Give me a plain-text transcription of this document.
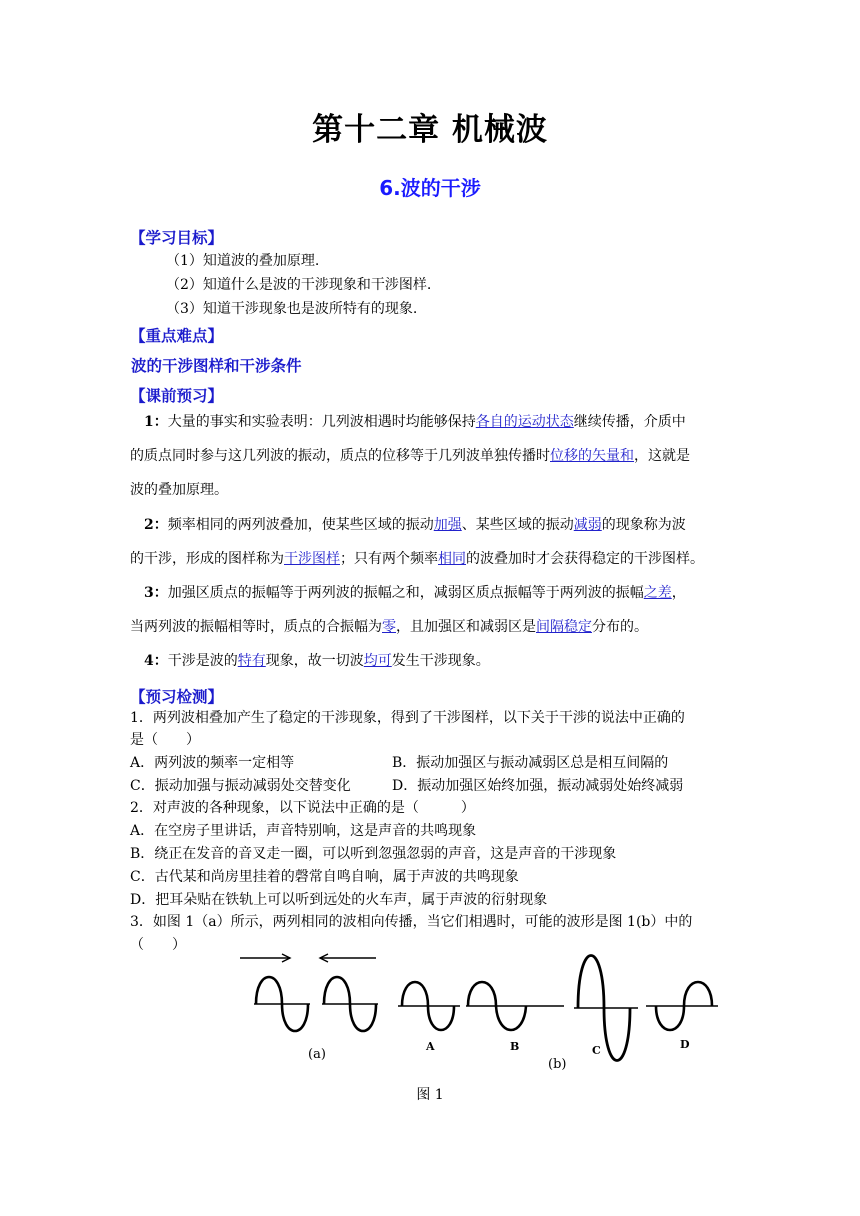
第十二章 机械波
6.波的干涉
【学习目标】
（1）知道波的叠加原理.
（2）知道什么是波的干涉现象和干涉图样.
（3）知道干涉现象也是波所特有的现象.
【重点难点】
波的干涉图样和干涉条件
【课前预习】
1：大量的事实和实验表明：几列波相遇时均能够保持各自的运动状态继续传播，介质中
的质点同时参与这几列波的振动，质点的位移等于几列波单独传播时位移的矢量和，这就是
波的叠加原理。
2：频率相同的两列波叠加，使某些区域的振动加强、某些区域的振动减弱的现象称为波
的干涉，形成的图样称为干涉图样；只有两个频率相同的波叠加时才会获得稳定的干涉图样。
3：加强区质点的振幅等于两列波的振幅之和，减弱区质点振幅等于两列波的振幅之差，
当两列波的振幅相等时，质点的合振幅为零，且加强区和减弱区是间隔稳定分布的。
4：干涉是波的特有现象，故一切波均可发生干涉现象。
【预习检测】
1．两列波相叠加产生了稳定的干涉现象，得到了干涉图样，以下关于干涉的说法中正确的
是（　　）
A．两列波的频率一定相等	B．振动加强区与振动减弱区总是相互间隔的
C．振动加强与振动减弱处交替变化	D．振动加强区始终加强，振动减弱处始终减弱
2．对声波的各种现象，以下说法中正确的是（　　　）
A．在空房子里讲话，声音特别响，这是声音的共鸣现象
B．绕正在发音的音叉走一圈，可以听到忽强忽弱的声音，这是声音的干涉现象
C．古代某和尚房里挂着的磬常自鸣自响，属于声波的共鸣现象
D．把耳朵贴在铁轨上可以听到远处的火车声，属于声波的衍射现象
3．如图 1（a）所示，两列相同的波相向传播，当它们相遇时，可能的波形是图 1(b）中的
（　　）
(a)
A	B	C
(b)
D
图 1
